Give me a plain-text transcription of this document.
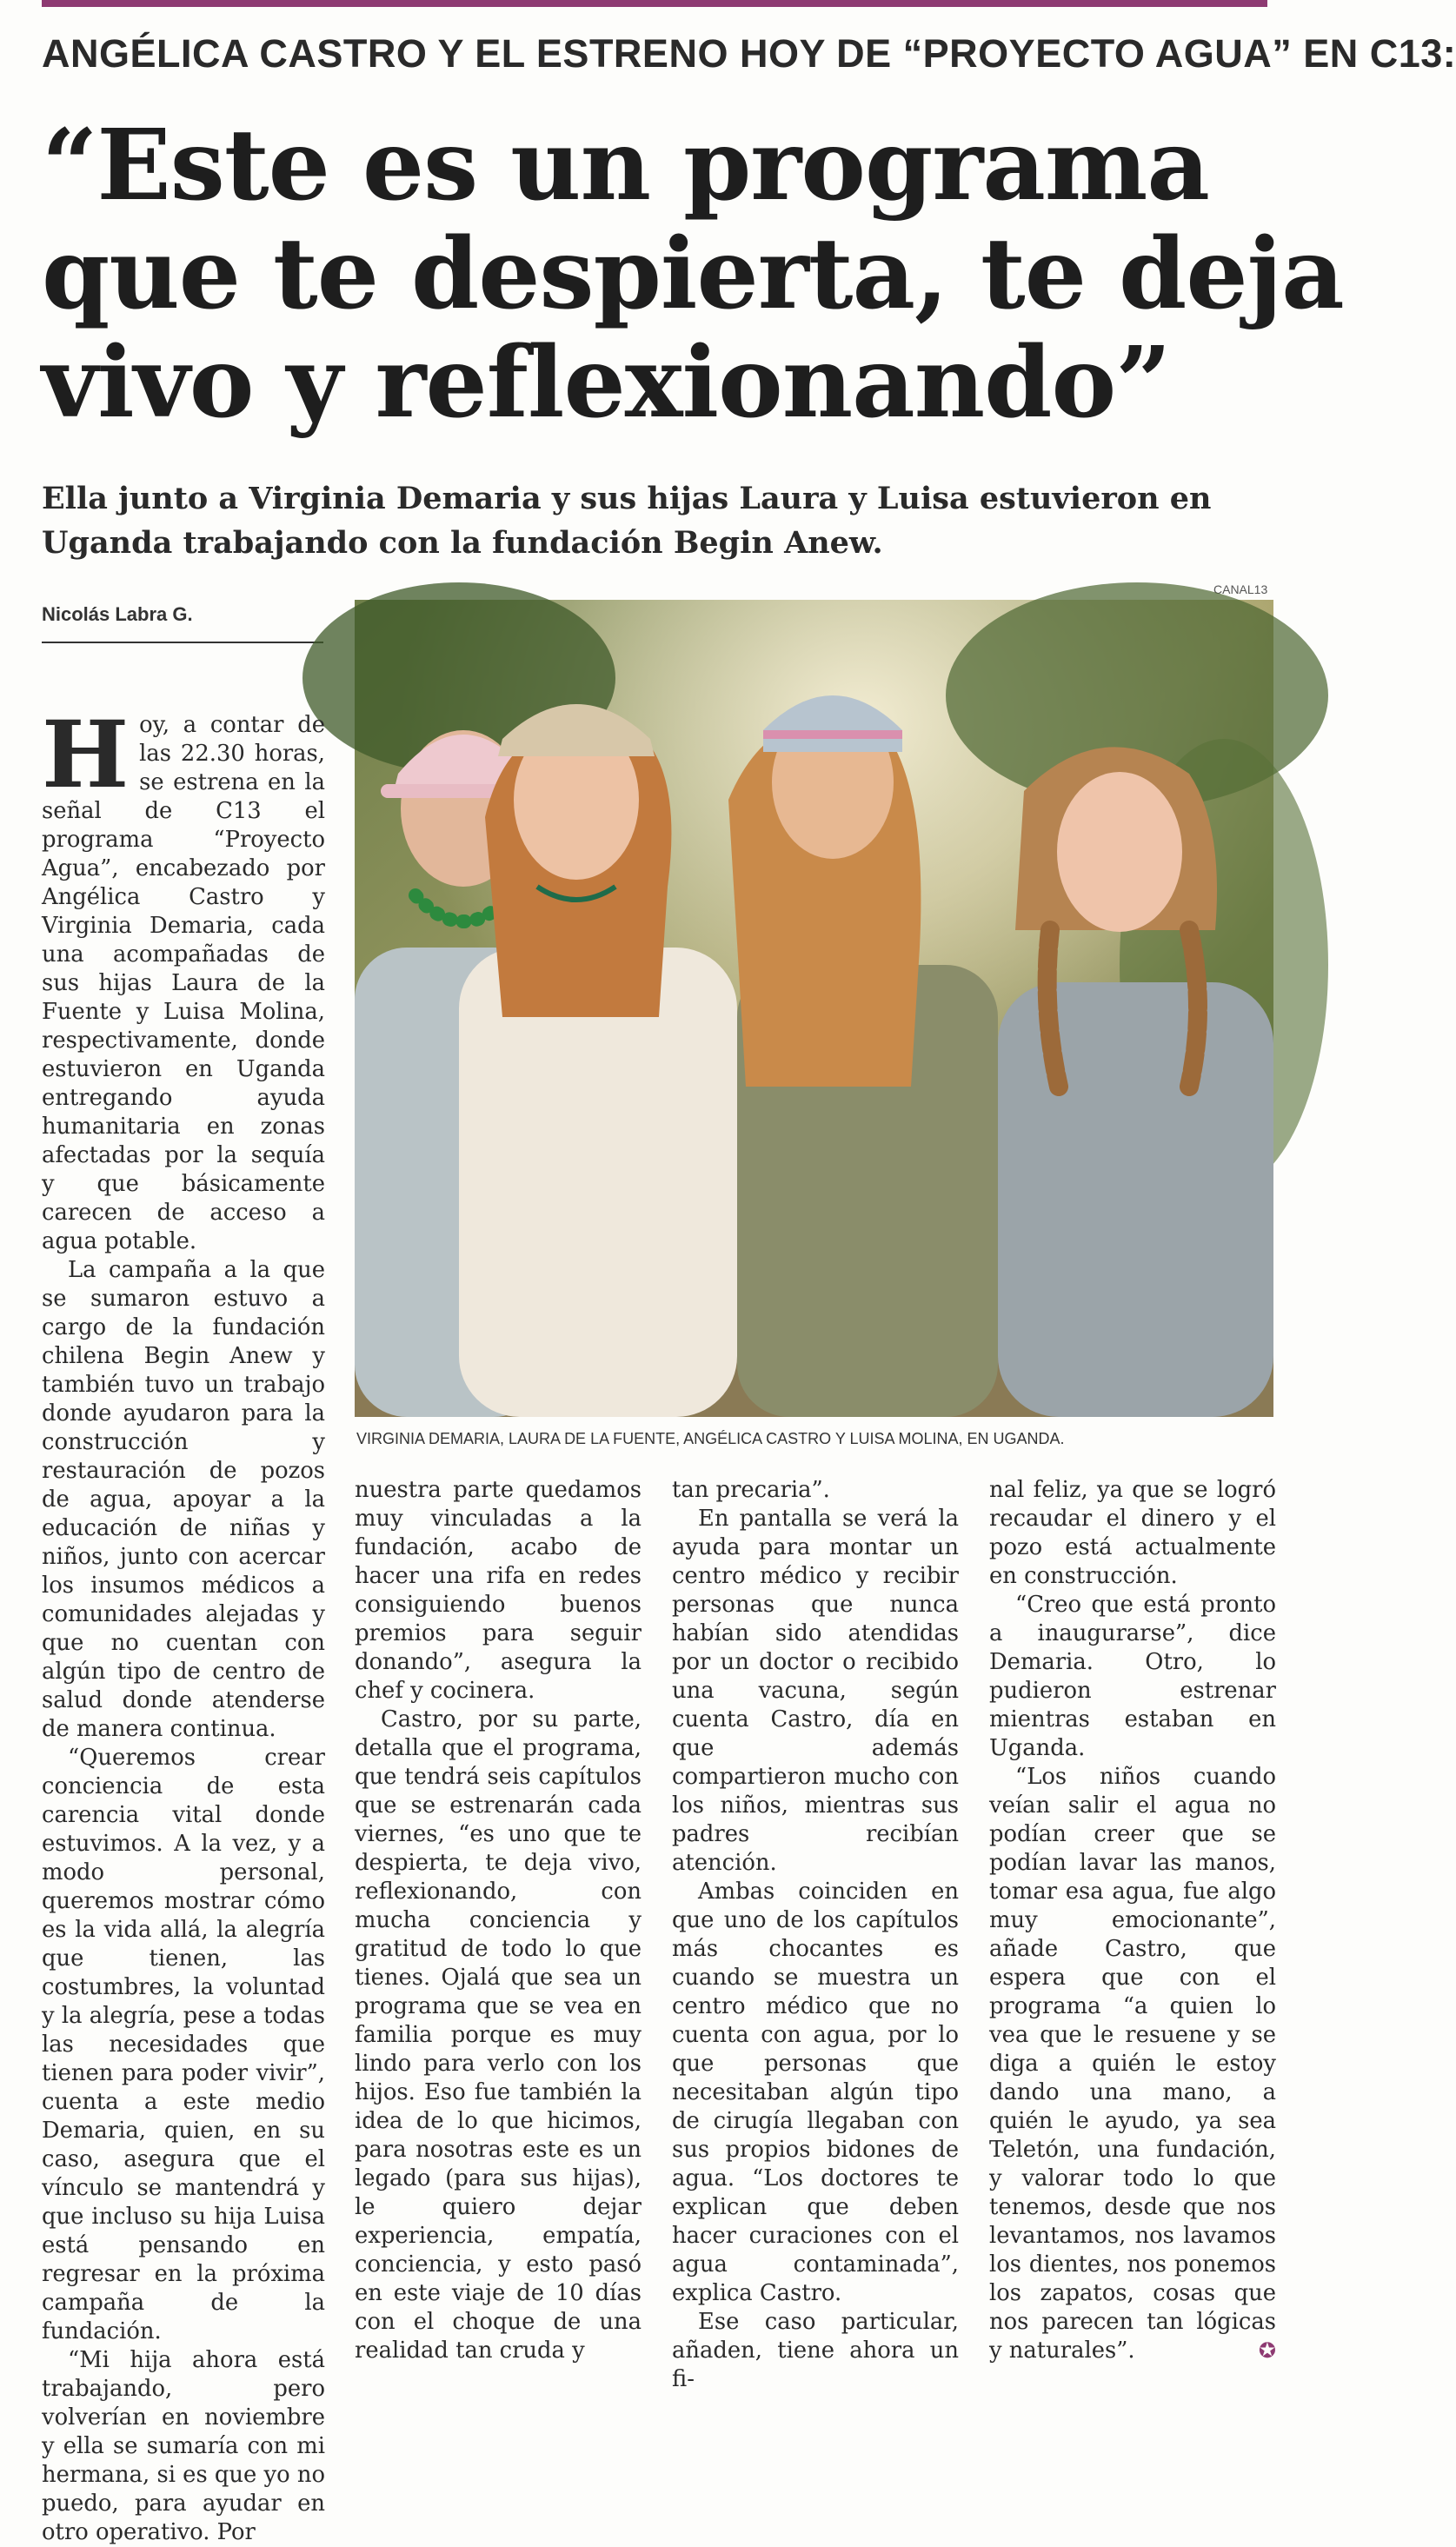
ANGÉLICA CASTRO Y EL ESTRENO HOY DE “PROYECTO AGUA” EN C13:
“Este es un programa
que te despierta, te deja
vivo y reflexionando”
Ella junto a Virginia Demaria y sus hijas Laura y Luisa estuvieron en Uganda trabajando con la fundación Begin Anew.
Nicolás Labra G.
CANAL13
VIRGINIA DEMARIA, LAURA DE LA FUENTE, ANGÉLICA CASTRO Y LUISA MOLINA, EN UGANDA.

Hoy, a contar de las 22.30 horas, se estrena en la señal de C13 el programa “Proyecto Agua”, encabezado por Angélica Castro y Virginia Demaria, cada una acompañadas de sus hijas Laura de la Fuente y Luisa Molina, respectivamente, donde estuvieron en Uganda entregando ayuda humanitaria en zonas afectadas por la sequía y que básicamente carecen de acceso a agua potable.

La campaña a la que se sumaron estuvo a cargo de la fundación chilena Begin Anew y también tuvo un trabajo donde ayudaron para la construcción y restauración de pozos de agua, apoyar a la educación de niñas y niños, junto con acercar los insumos médicos a comunidades alejadas y que no cuentan con algún tipo de centro de salud donde atenderse de manera continua.

“Queremos crear conciencia de esta carencia vital donde estuvimos. A la vez, y a modo personal, queremos mostrar cómo es la vida allá, la alegría que tienen, las costumbres, la voluntad y la alegría, pese a todas las necesidades que tienen para poder vivir”, cuenta a este medio Demaria, quien, en su caso, asegura que el vínculo se mantendrá y que incluso su hija Luisa está pensando en regresar en la próxima campaña de la fundación.

“Mi hija ahora está trabajando, pero volverían en noviembre y ella se sumaría con mi hermana, si es que yo no puedo, para ayudar en otro operativo. Por

nuestra parte quedamos muy vinculadas a la fundación, acabo de hacer una rifa en redes consiguiendo buenos premios para seguir donando”, asegura la chef y cocinera.

Castro, por su parte, detalla que el programa, que tendrá seis capítulos que se estrenarán cada viernes, “es uno que te despierta, te deja vivo, reflexionando, con mucha conciencia y gratitud de todo lo que tienes. Ojalá que sea un programa que se vea en familia porque es muy lindo para verlo con los hijos. Eso fue también la idea de lo que hicimos, para nosotras este es un legado (para sus hijas), le quiero dejar experiencia, empatía, conciencia, y esto pasó en este viaje de 10 días con el choque de una realidad tan cruda y

tan precaria”.

En pantalla se verá la ayuda para montar un centro médico y recibir personas que nunca habían sido atendidas por un doctor o recibido una vacuna, según cuenta Castro, día en que además compartieron mucho con los niños, mientras sus padres recibían atención.

Ambas coinciden en que uno de los capítulos más chocantes es cuando se muestra un centro médico que no cuenta con agua, por lo que personas que necesitaban algún tipo de cirugía llegaban con sus propios bidones de agua. “Los doctores te explican que deben hacer curaciones con el agua contaminada”, explica Castro.

Ese caso particular, añaden, tiene ahora un fi-

nal feliz, ya que se logró recaudar el dinero y el pozo está actualmente en construcción.

“Creo que está pronto a inaugurarse”, dice Demaria. Otro, lo pudieron estrenar mientras estaban en Uganda.

“Los niños cuando veían salir el agua no podían creer que se podían lavar las manos, tomar esa agua, fue algo muy emocionante”, añade Castro, que espera que con el programa “a quien lo vea que le resuene y se diga a quién le estoy dando una mano, a quién le ayudo, ya sea Teletón, una fundación, y valorar todo lo que tenemos, desde que nos levantamos, nos lavamos los dientes, nos ponemos los zapatos, cosas que nos parecen tan lógicas y naturales”.	✪
